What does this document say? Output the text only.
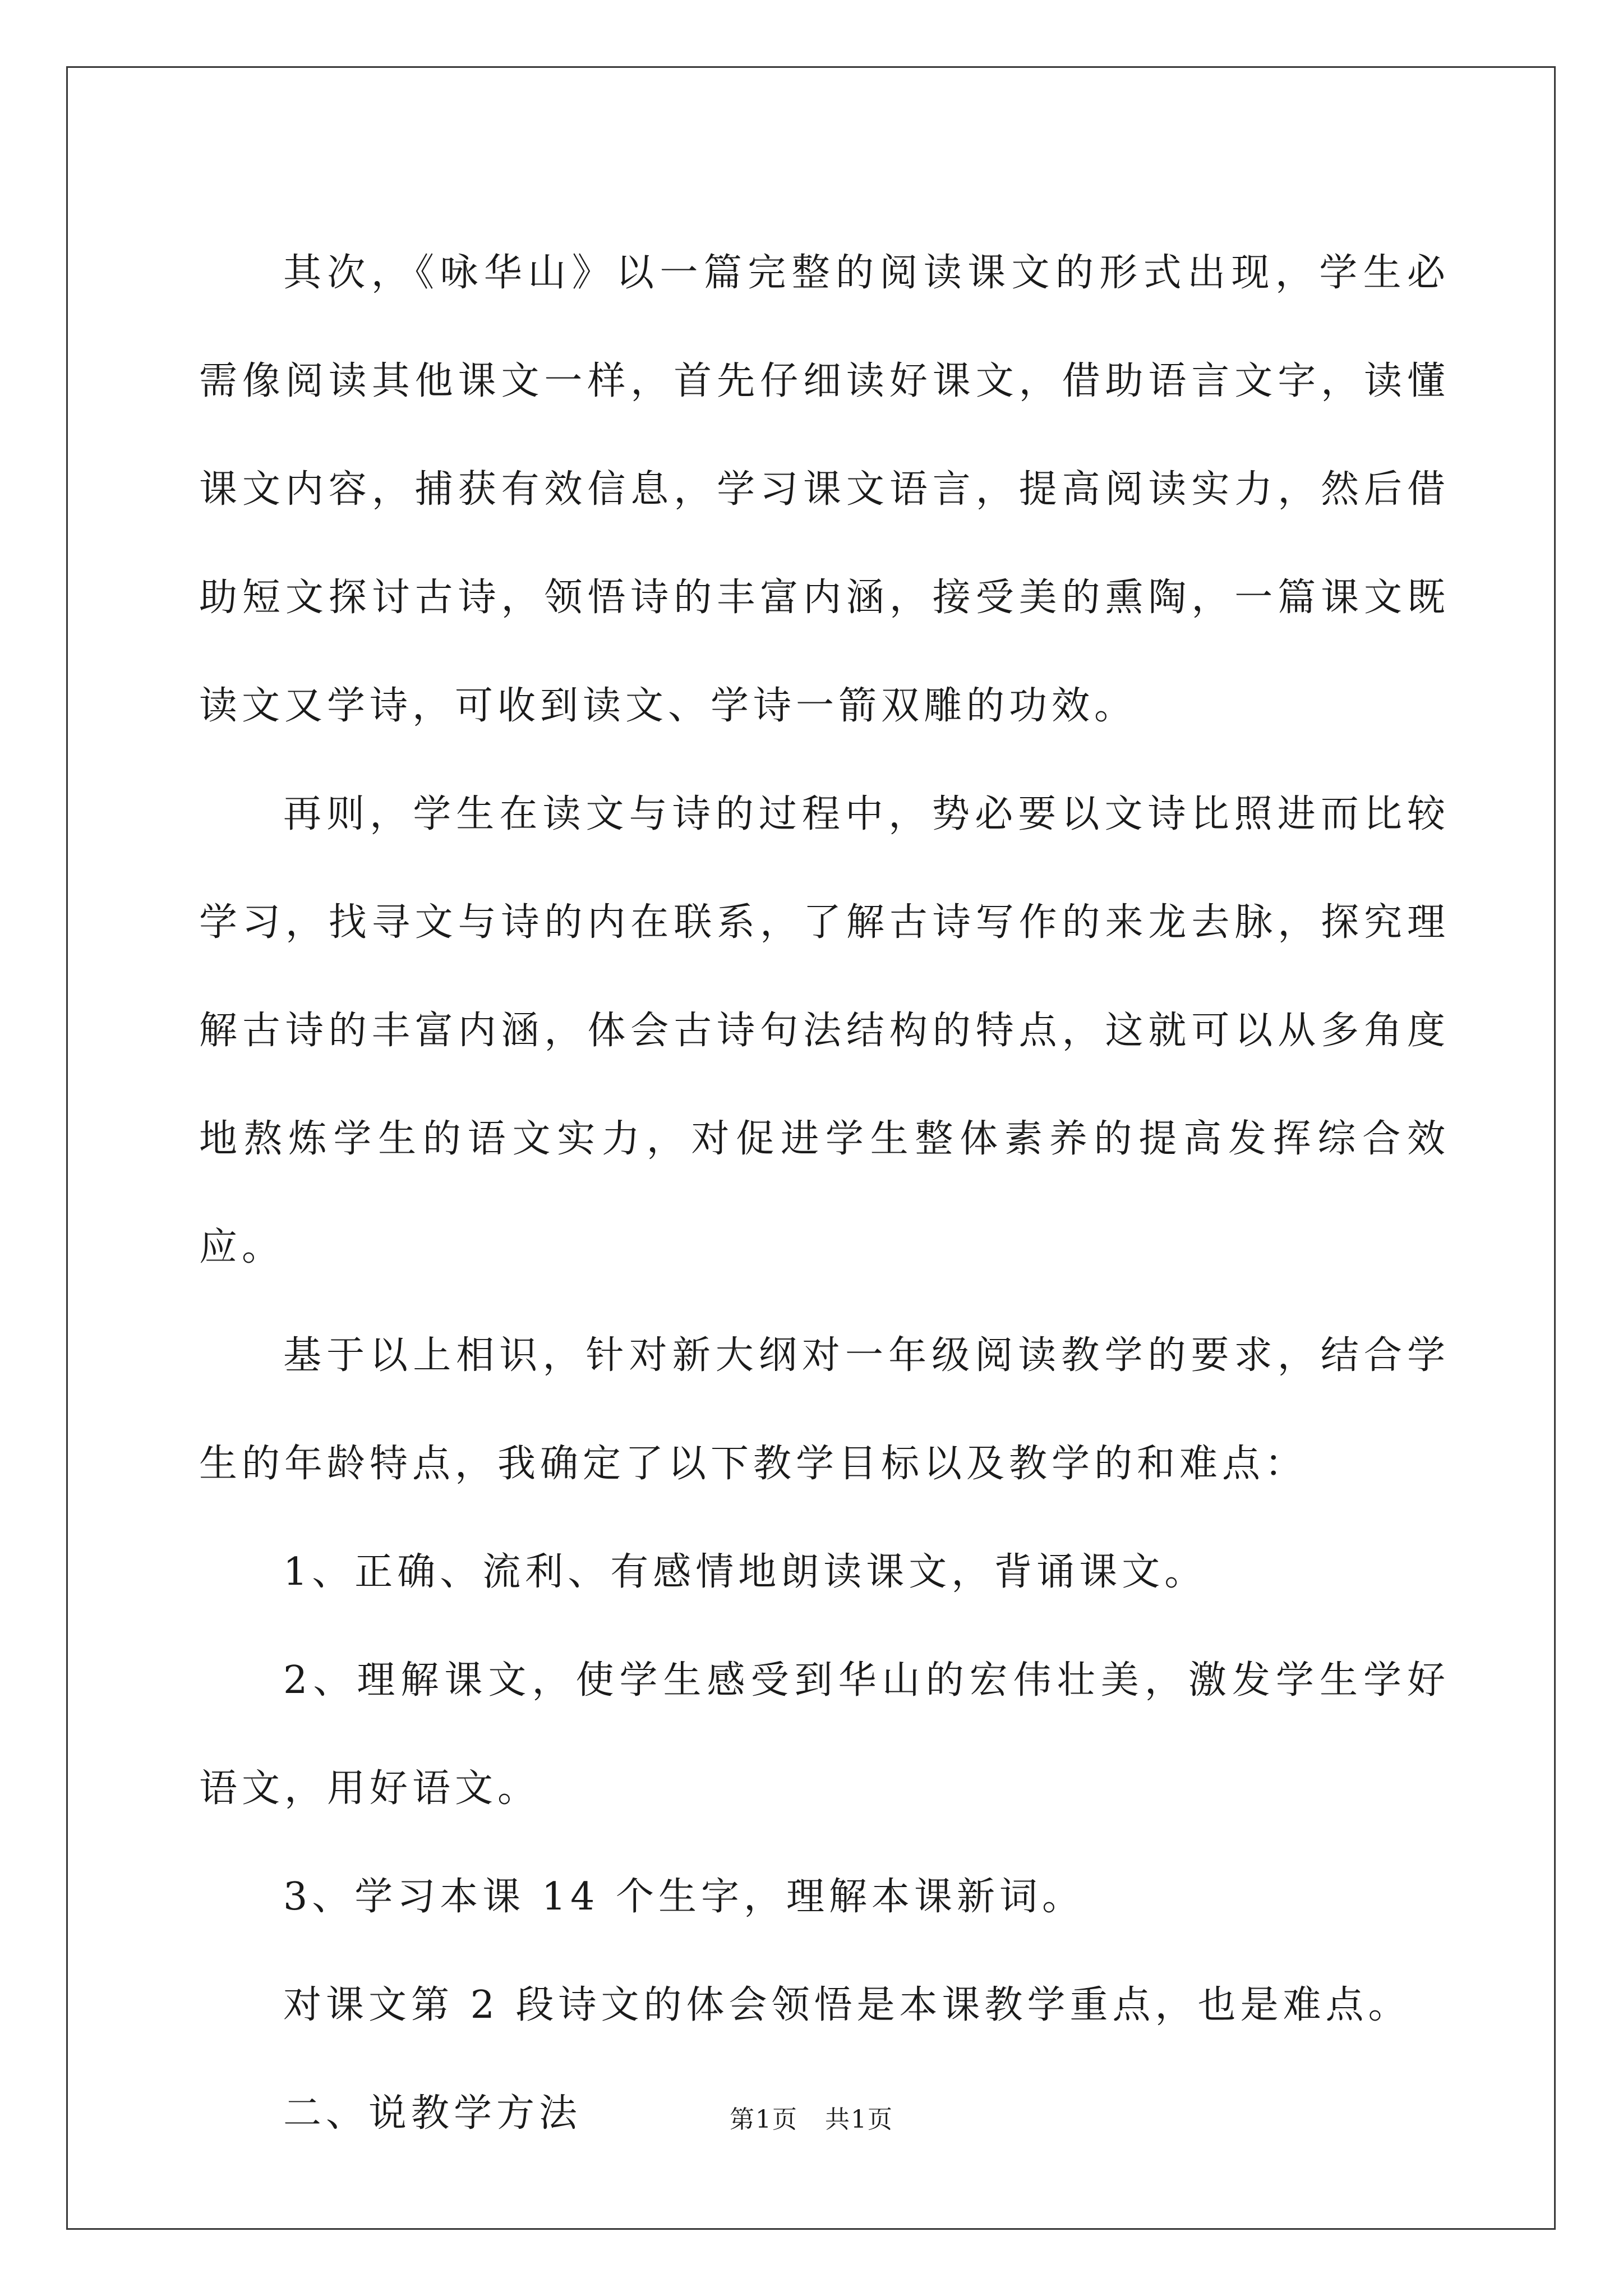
其次，《咏华山》以一篇完整的阅读课文的形式出现，学生必需像阅读其他课文一样，首先仔细读好课文，借助语言文字，读懂课文内容，捕获有效信息，学习课文语言，提高阅读实力，然后借助短文探讨古诗，领悟诗的丰富内涵，接受美的熏陶，一篇课文既读文又学诗，可收到读文、学诗一箭双雕的功效。

再则，学生在读文与诗的过程中，势必要以文诗比照进而比较学习，找寻文与诗的内在联系，了解古诗写作的来龙去脉，探究理解古诗的丰富内涵，体会古诗句法结构的特点，这就可以从多角度地熬炼学生的语文实力，对促进学生整体素养的提高发挥综合效应。

基于以上相识，针对新大纲对一年级阅读教学的要求，结合学生的年龄特点，我确定了以下教学目标以及教学的和难点：

1、正确、流利、有感情地朗读课文，背诵课文。

2、理解课文，使学生感受到华山的宏伟壮美，激发学生学好语文，用好语文。

3、学习本课 14 个生字，理解本课新词。

对课文第 2 段诗文的体会领悟是本课教学重点，也是难点。

二、说教学方法	第1页 共1页
